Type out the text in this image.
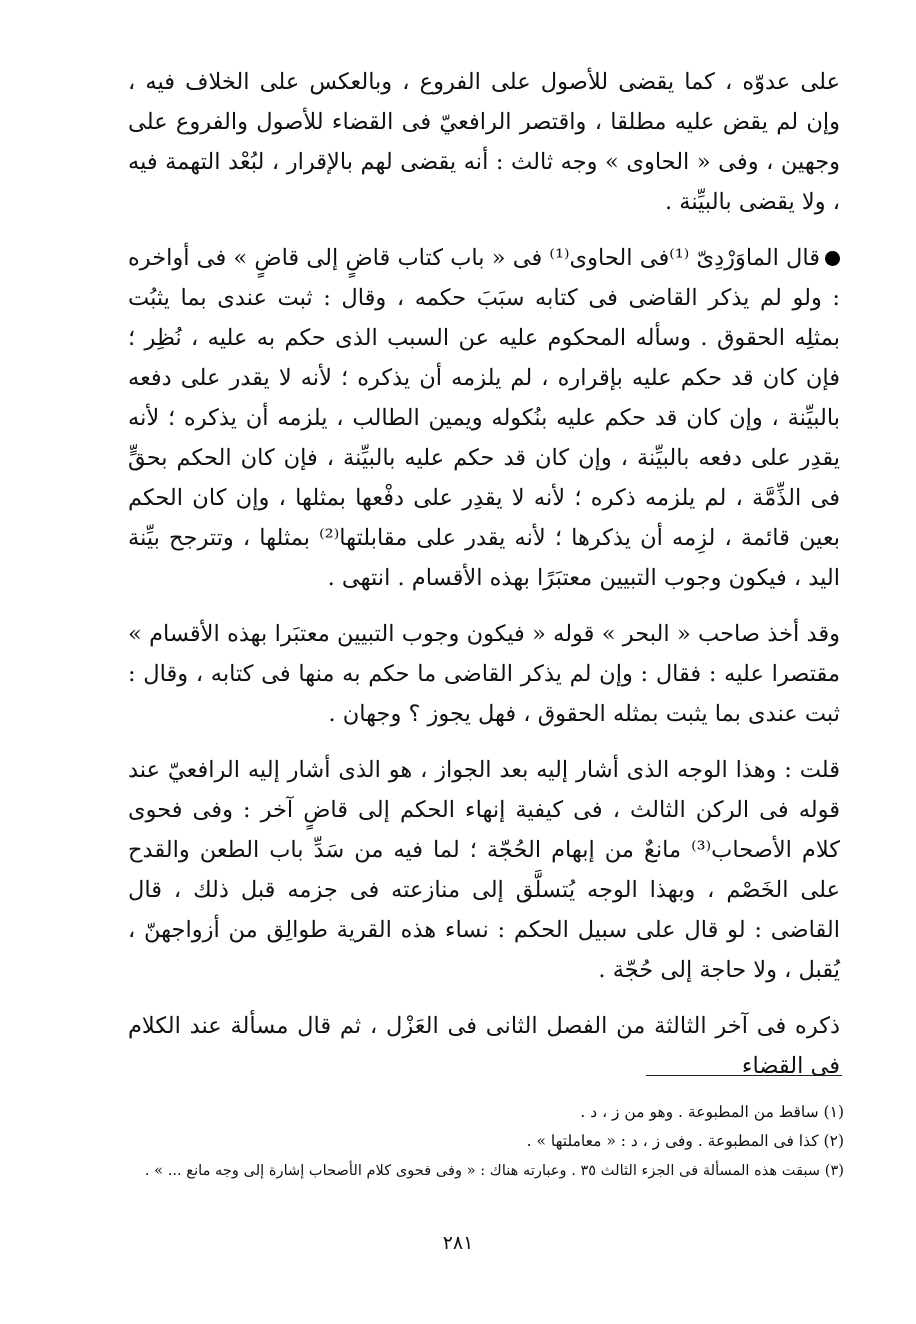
على عدوّه ، كما يقضى للأصول على الفروع ، وبالعكس على الخلاف فيه ، وإن لم يقض عليه مطلقا ، واقتصر الرافعيّ فى القضاء للأصول والفروع على وجهين ، وفى « الحاوى » وجه ثالث : أنه يقضى لهم بالإقرار ، لبُعْد التهمة فيه ، ولا يقضى بالبيِّنة .

قال الماوَرْدِىّ ⁽¹⁾فى الحاوى⁽¹⁾ فى « باب كتاب قاضٍ إلى قاضٍ » فى أواخره : ولو لم يذكر القاضى فى كتابه سبَبَ حكمه ، وقال : ثبت عندى بما يثبُت بمثلِه الحقوق . وسأله المحكوم عليه عن السبب الذى حكم به عليه ، نُظِر ؛ فإن كان قد حكم عليه بإقراره ، لم يلزمه أن يذكره ؛ لأنه لا يقدر على دفعه بالبيِّنة ، وإن كان قد حكم عليه بنُكوله ويمين الطالب ، يلزمه أن يذكره ؛ لأنه يقدِر على دفعه بالبيِّنة ، وإن كان قد حكم عليه بالبيِّنة ، فإن كان الحكم بحقٍّ فى الذِّمَّة ، لم يلزمه ذكره ؛ لأنه لا يقدِر على دفْعها بمثلها ، وإن كان الحكم بعين قائمة ، لزِمه أن يذكرها ؛ لأنه يقدر على مقابلتها⁽²⁾ بمثلها ، وتترجح بيِّنة اليد ، فيكون وجوب التبيين معتبَرًا بهذه الأقسام . انتهى .

وقد أخذ صاحب « البحر » قوله « فيكون وجوب التبيين معتبَرا بهذه الأقسام » مقتصرا عليه : فقال : وإن لم يذكر القاضى ما حكم به منها فى كتابه ، وقال : ثبت عندى بما يثبت بمثله الحقوق ، فهل يجوز ؟ وجهان .

قلت : وهذا الوجه الذى أشار إليه بعد الجواز ، هو الذى أشار إليه الرافعيّ عند قوله فى الركن الثالث ، فى كيفية إنهاء الحكم إلى قاضٍ آخر : وفى فحوى كلام الأصحاب⁽³⁾ مانعٌ من إبهام الحُجّة ؛ لما فيه من سَدِّ باب الطعن والقدح على الخَصْم ، وبهذا الوجه يُتسلَّق إلى منازعته فى جزمه قبل ذلك ، قال القاضى : لو قال على سبيل الحكم : نساء هذه القرية طوالِق من أزواجهنّ ، يُقبل ، ولا حاجة إلى حُجّة .

ذكره فى آخر الثالثة من الفصل الثانى فى العَزْل ، ثم قال مسألة عند الكلام فى القضاء

(١) ساقط من المطبوعة . وهو من ز ، د .
(٢) كذا فى المطبوعة . وفى ز ، د : « معاملتها » .
(٣) سبقت هذه المسألة فى الجزء الثالث ٣٥ . وعبارته هناك : « وفى فحوى كلام الأصحاب إشارة إلى وجه مانع ... » .
٢٨١
